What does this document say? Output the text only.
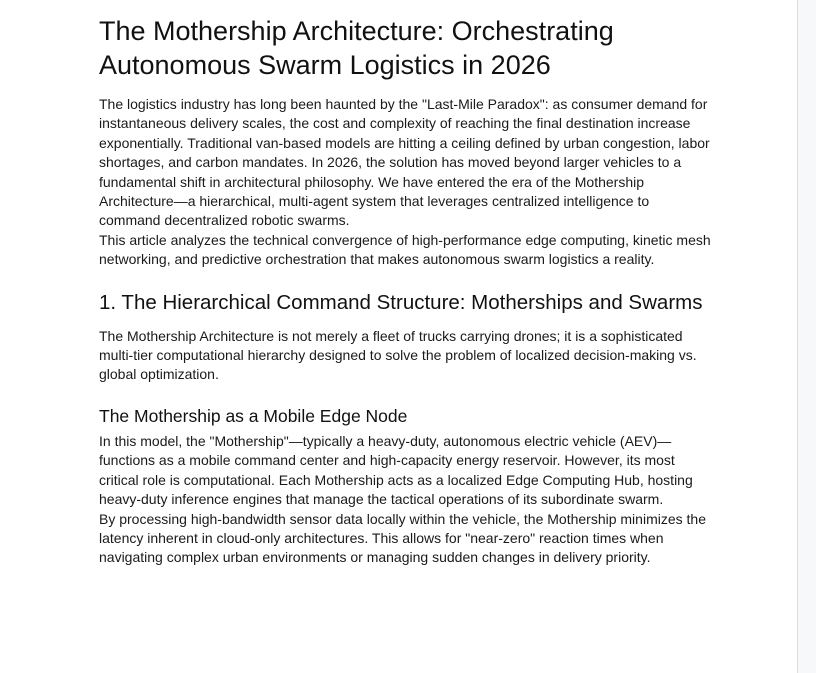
The Mothership Architecture: Orchestrating Autonomous Swarm Logistics in 2026

The logistics industry has long been haunted by the "Last-Mile Paradox": as consumer demand for instantaneous delivery scales, the cost and complexity of reaching the final destination increase exponentially. Traditional van-based models are hitting a ceiling defined by urban congestion, labor shortages, and carbon mandates. In 2026, the solution has moved beyond larger vehicles to a fundamental shift in architectural philosophy. We have entered the era of the Mothership Architecture—a hierarchical, multi-agent system that leverages centralized intelligence to command decentralized robotic swarms.

This article analyzes the technical convergence of high-performance edge computing, kinetic mesh networking, and predictive orchestration that makes autonomous swarm logistics a reality.

1. The Hierarchical Command Structure: Motherships and Swarms

The Mothership Architecture is not merely a fleet of trucks carrying drones; it is a sophisticated multi-tier computational hierarchy designed to solve the problem of localized decision-making vs. global optimization.

The Mothership as a Mobile Edge Node

In this model, the "Mothership"—typically a heavy-duty, autonomous electric vehicle (AEV)—functions as a mobile command center and high-capacity energy reservoir. However, its most critical role is computational. Each Mothership acts as a localized Edge Computing Hub, hosting heavy-duty inference engines that manage the tactical operations of its subordinate swarm.

By processing high-bandwidth sensor data locally within the vehicle, the Mothership minimizes the latency inherent in cloud-only architectures. This allows for "near-zero" reaction times when navigating complex urban environments or managing sudden changes in delivery priority.
